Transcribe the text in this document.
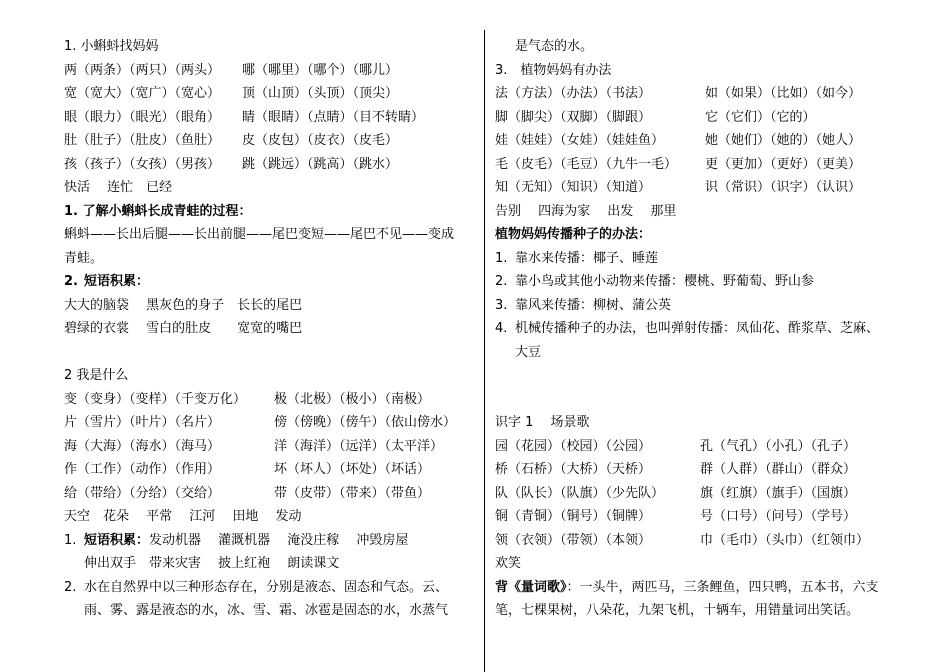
1. 小蝌蚪找妈妈
两（两条）（两只）（两头） 哪（哪里）（哪个）（哪儿）
宽（宽大）（宽广）（宽心） 顶（山顶）（头顶）（顶尖）
眼（眼力）（眼光）（眼角） 睛（眼睛）（点睛）（目不转睛）
肚（肚子）（肚皮）（鱼肚） 皮（皮包）（皮衣）（皮毛）
孩（孩子）（女孩）（男孩） 跳（跳远）（跳高）（跳水）
快活　 连忙　已经
1. 了解小蝌蚪长成青蛙的过程：
蝌蚪——长出后腿——长出前腿——尾巴变短——尾巴不见——变成
青蛙。
2. 短语积累：
大大的脑袋　 黑灰色的身子　长长的尾巴
碧绿的衣裳　 雪白的肚皮　　宽宽的嘴巴
2 我是什么
变（变身）（变样）（千变万化） 极（北极）（极小）（南极）
片（雪片）（叶片）（名片）	傍（傍晚）（傍午）（依山傍水）
海（大海）（海水）（海马）	洋（海洋）（远洋）（太平洋）
作（工作）（动作）（作用）	坏（坏人）（坏处）（坏话）
给（带给）（分给）（交给）	带（皮带）（带来）（带鱼）
天空　花朵　 平常　 江河　 田地　 发动
1. 短语积累：发动机器　 灌溉机器　 淹没庄稼　 冲毁房屋
伸出双手　带来灾害　 披上红袍　 朗读课文
2. 水在自然界中以三种形态存在，分别是液态、固态和气态。云、
雨、雾、露是液态的水，冰、雪、霜、冰雹是固态的水，水蒸气
是气态的水。
3.　植物妈妈有办法
法（方法）（办法）（书法）	如（如果）（比如）（如今）
脚（脚尖）（双脚）（脚跟）	它（它们）（它的）
娃（娃娃）（女娃）（娃娃鱼）	她（她们）（她的）（她人）
毛（皮毛）（毛豆）（九牛一毛） 更（更加）（更好）（更美）
知（无知）（知识）（知道）	识（常识）（识字）（认识）
告别　 四海为家　 出发　 那里
植物妈妈传播种子的办法：
1. 靠水来传播：椰子、睡莲
2. 靠小鸟或其他小动物来传播：樱桃、野葡萄、野山参
3. 靠风来传播：柳树、蒲公英
4. 机械传播种子的办法，也叫弹射传播：凤仙花、酢浆草、芝麻、
大豆
识字 1　 场景歌
园（花园）（校园）（公园）	孔（气孔）（小孔）（孔子）
桥（石桥）（大桥）（天桥）	群（人群）（群山）（群众）
队（队长）（队旗）（少先队）	旗（红旗）（旗手）（国旗）
铜（青铜）（铜号）（铜牌）	号（口号）（问号）（学号）
领（衣领）（带领）（本领）	巾（毛巾）（头巾）（红领巾）
欢笑
背《量词歌》：一头牛，两匹马，三条鲤鱼，四只鸭，五本书，六支
笔，七棵果树，八朵花，九架飞机，十辆车，用错量词出笑话。
